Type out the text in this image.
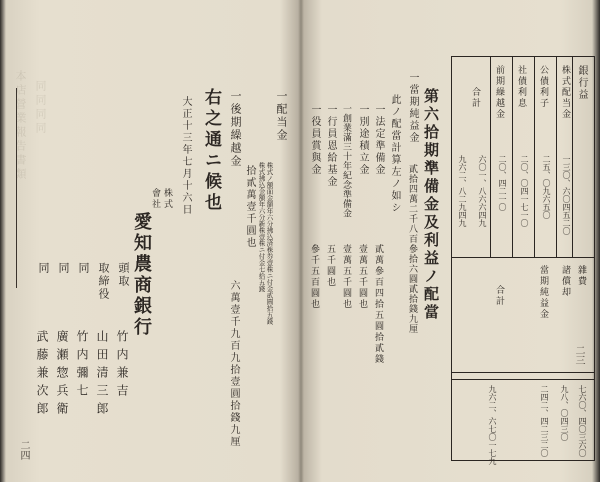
本店營業報告書類 同同同同	一配当金
株式ノ額面金額年六分拂込済株券壹株ニ付金貳圓拾五錢
株式拂込金額年六分新株壹株ニ付金七拾五錢
拾貳萬壹千圓也
一後期繰越金
六萬壹千九百九拾壹圓拾錢九厘
右之通ニ候也
大正十三年七月十六日
株式
會社
愛知農商銀行
頭取
竹内兼吉
取締役
山田清三郎
同
竹内彌七
同
廣瀬惣兵衛
同
武藤兼次郎
二四
銀行益
株式配当金
公債利子
社債利息
前期繰越金
合計
一三〇、六〇四五二〇
二五、〇九六五〇
二〇、〇四一七一〇
二〇、四二一〇
六〇一、八六六四九
九六二、八二九四九
雜費
諸償却
當期純益金
合計
七六〇、四〇三六〇
九八、〇四三〇
二四二、四二三二〇
九六二、六七〇一七九
第六拾期準備金及利益ノ配當
一當期純益金
貳拾四萬二千八百參拾六圓貳拾錢九厘
此ノ配當計算左ノ如シ
一法定準備金
貳萬參百四拾五圓拾貳錢
一別途積立金
壹萬五千圓也
一創業滿三十年紀念準備金
壹萬五千圓也
一行員恩給基金
五千圓也
一役員賞與金
參千五百圓也
二三
